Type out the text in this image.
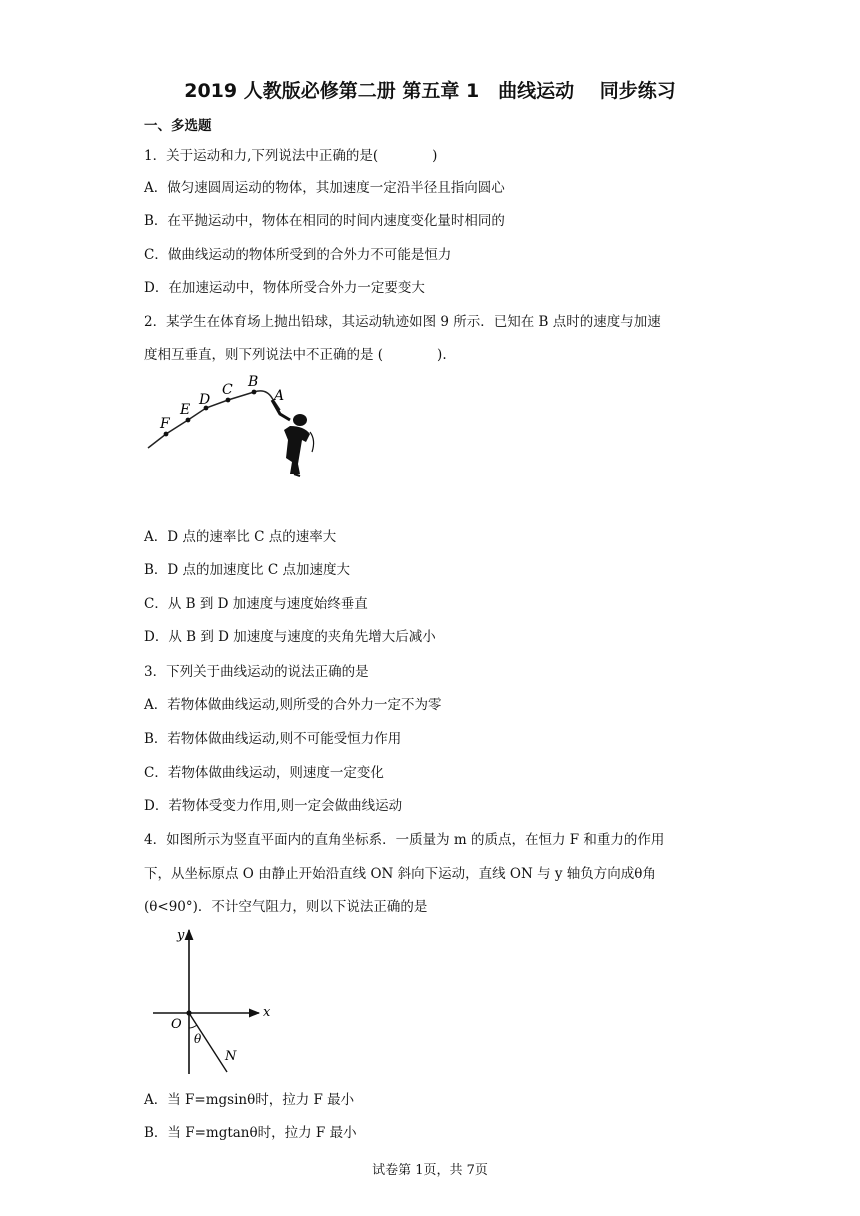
2019 人教版必修第二册 第五章 1　曲线运动　 同步练习
一、多选题
1．关于运动和力,下列说法中正确的是(　　　　)
A．做匀速圆周运动的物体，其加速度一定沿半径且指向圆心
B．在平抛运动中，物体在相同的时间内速度变化量时相同的
C．做曲线运动的物体所受到的合外力不可能是恒力
D．在加速运动中，物体所受合外力一定要变大
2．某学生在体育场上抛出铅球，其运动轨迹如图 9 所示．已知在 B 点时的速度与加速
度相互垂直，则下列说法中不正确的是 (　　　　).
F
E
D
C B
A
A．D 点的速率比 C 点的速率大
B．D 点的加速度比 C 点加速度大
C．从 B 到 D 加速度与速度始终垂直
D．从 B 到 D 加速度与速度的夹角先增大后减小
3．下列关于曲线运动的说法正确的是
A．若物体做曲线运动,则所受的合外力一定不为零
B．若物体做曲线运动,则不可能受恒力作用
C．若物体做曲线运动，则速度一定变化
D．若物体受变力作用,则一定会做曲线运动
4．如图所示为竖直平面内的直角坐标系．一质量为 m 的质点，在恒力 F 和重力的作用
下，从坐标原点 O 由静止开始沿直线 ON 斜向下运动，直线 ON 与 y 轴负方向成θ角
(θ<90°)．不计空气阻力，则以下说法正确的是
y
x
O
θ
N
A．当 F=mgsinθ时，拉力 F 最小
B．当 F=mgtanθ时，拉力 F 最小
试卷第 1页，共 7页
